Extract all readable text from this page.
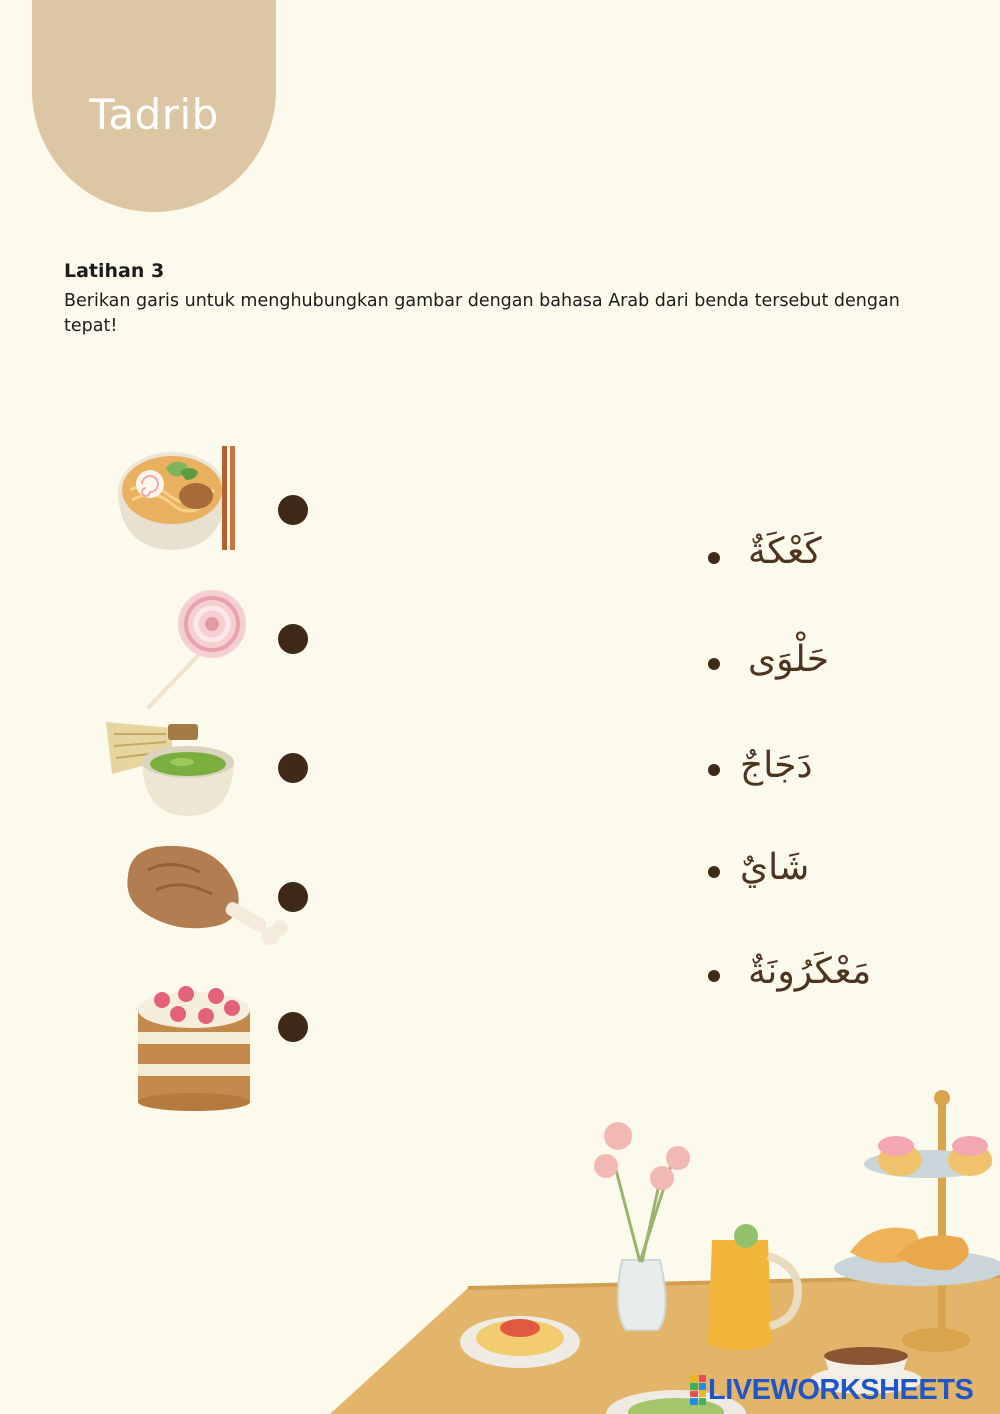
Tadrib
Latihan 3
Berikan garis untuk menghubungkan gambar dengan bahasa Arab dari benda tersebut dengan tepat!
كَعْكَةٌ
حَلْوَى
دَجَاجٌ
شَايٌ
مَعْكَرُونَةٌ
LIVEWORKSHEETS
